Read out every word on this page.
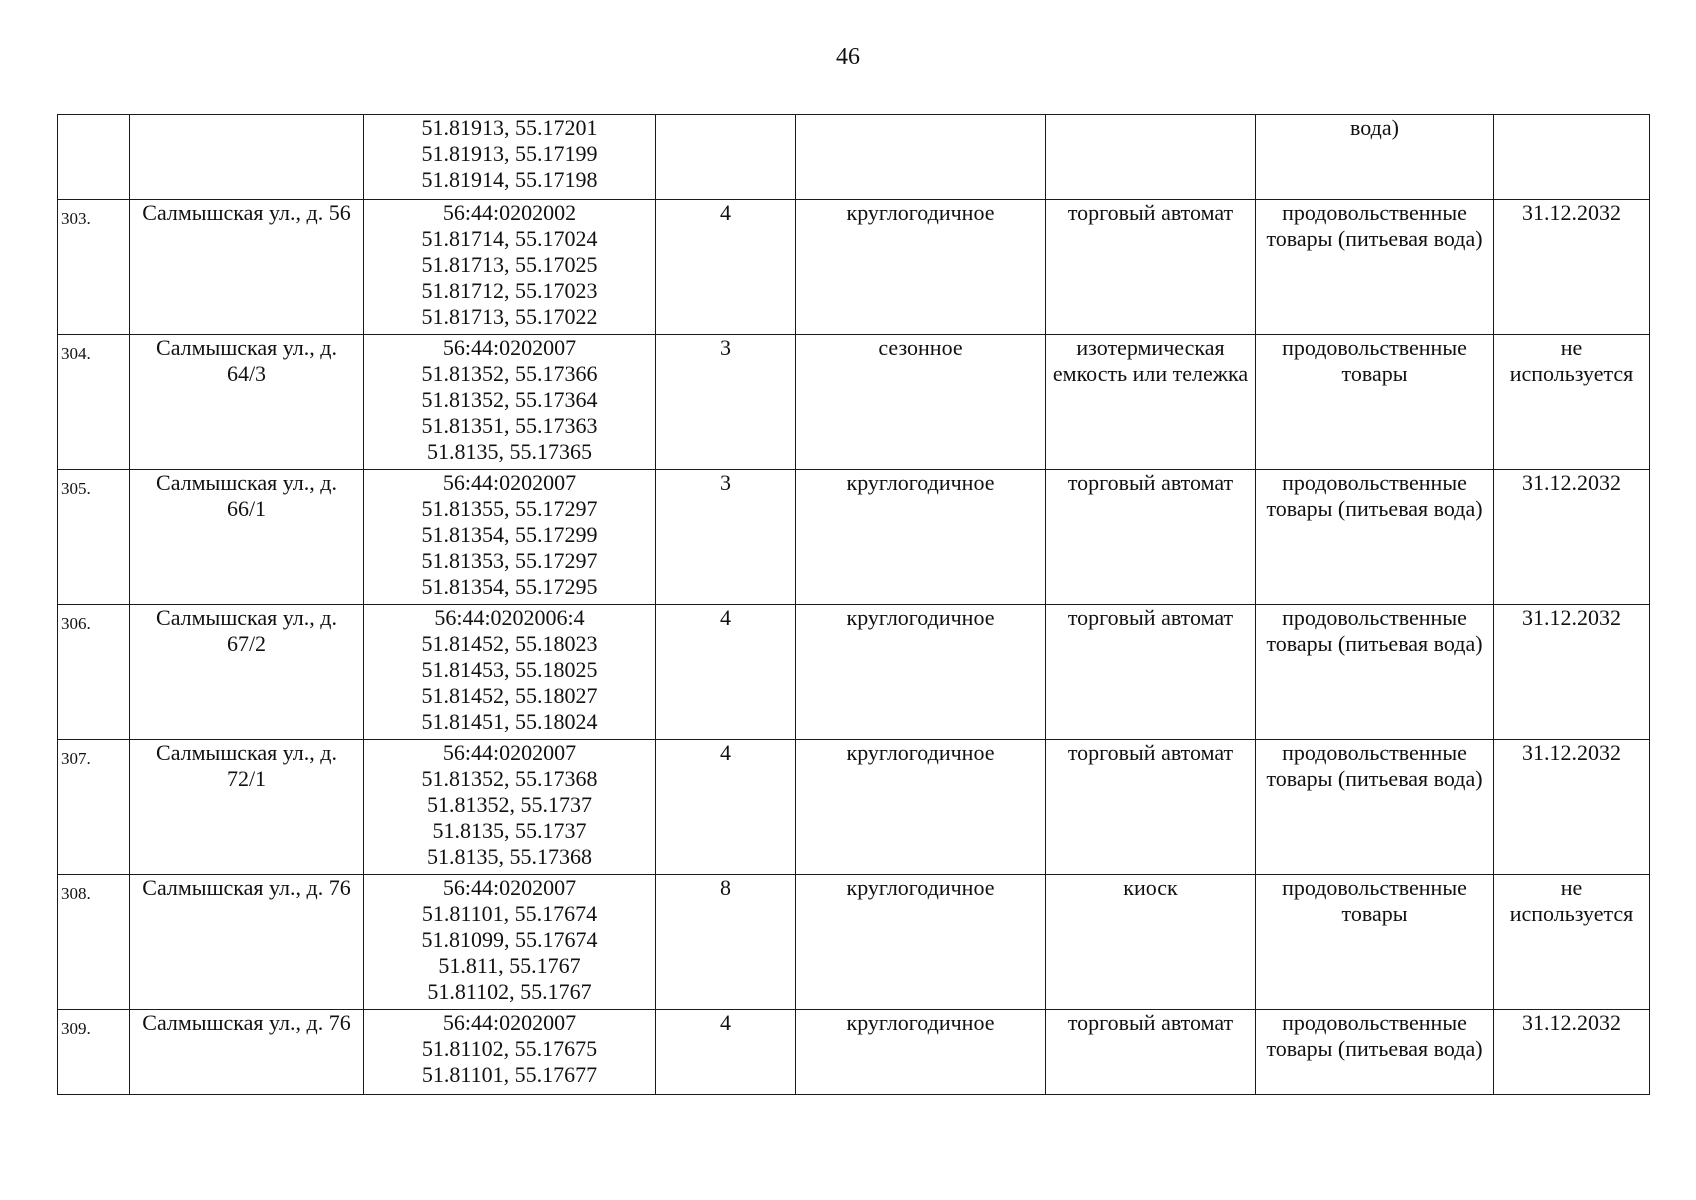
46

		51.81913, 55.17201
51.81913, 55.17199
51.81914, 55.17198				вода)	
303.	Салмышская ул., д. 56	56:44:0202002
51.81714, 55.17024
51.81713, 55.17025
51.81712, 55.17023
51.81713, 55.17022	4	круглогодичное	торговый автомат	продовольственные товары (питьевая вода)	31.12.2032
304.	Салмышская ул., д. 64/3	56:44:0202007
51.81352, 55.17366
51.81352, 55.17364
51.81351, 55.17363
51.8135, 55.17365	3	сезонное	изотермическая емкость или тележка	продовольственные товары	не используется
305.	Салмышская ул., д. 66/1	56:44:0202007
51.81355, 55.17297
51.81354, 55.17299
51.81353, 55.17297
51.81354, 55.17295	3	круглогодичное	торговый автомат	продовольственные товары (питьевая вода)	31.12.2032
306.	Салмышская ул., д. 67/2	56:44:0202006:4
51.81452, 55.18023
51.81453, 55.18025
51.81452, 55.18027
51.81451, 55.18024	4	круглогодичное	торговый автомат	продовольственные товары (питьевая вода)	31.12.2032
307.	Салмышская ул., д. 72/1	56:44:0202007
51.81352, 55.17368
51.81352, 55.1737
51.8135, 55.1737
51.8135, 55.17368	4	круглогодичное	торговый автомат	продовольственные товары (питьевая вода)	31.12.2032
308.	Салмышская ул., д. 76	56:44:0202007
51.81101, 55.17674
51.81099, 55.17674
51.811, 55.1767
51.81102, 55.1767	8	круглогодичное	киоск	продовольственные товары	не используется
309.	Салмышская ул., д. 76	56:44:0202007
51.81102, 55.17675
51.81101, 55.17677	4	круглогодичное	торговый автомат	продовольственные товары (питьевая вода)	31.12.2032
